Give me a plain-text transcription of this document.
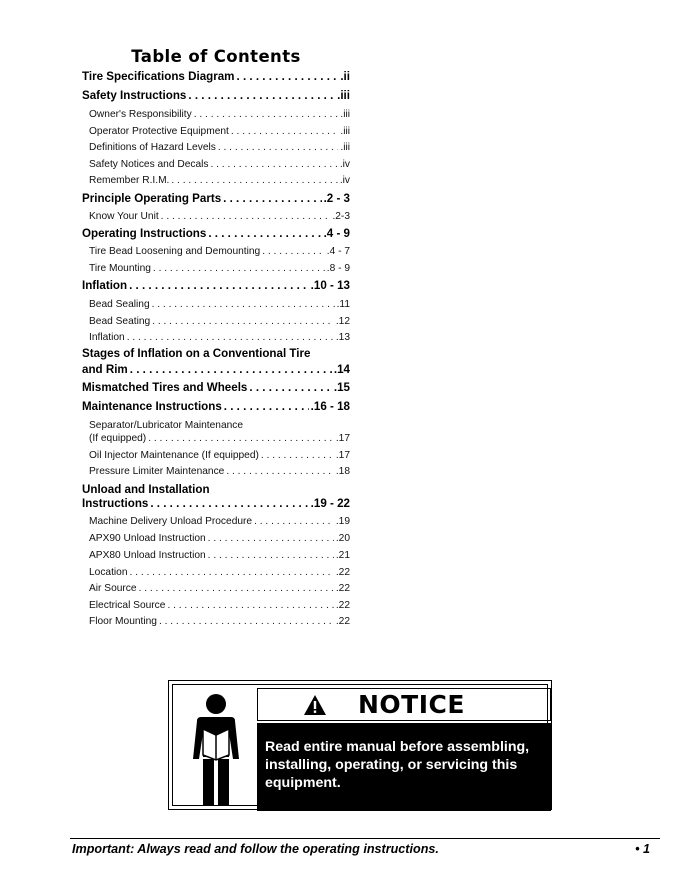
Table of Contents
Tire Specifications Diagram . . .	.ii
Safety Instructions . . .	.iii
Owner's Responsibility . . .	.iii
Operator Protective Equipment . . .	.iii
Definitions of Hazard Levels . . .	.iii
Safety Notices and Decals . . .	.iv
Remember R.I.M. . . .	.iv
Principle Operating Parts . . .	.2 - 3
Know Your Unit . . .	.2-3
Operating Instructions . . .	.4 - 9
Tire Bead Loosening and Demounting . . .	.4 - 7
Tire Mounting . . .	.8 - 9
Inflation . . .	.10 - 13
Bead Sealing . . .	.11
Bead Seating . . .	.12
Inflation . . .	.13
Stages of Inflation on a Conventional Tire
and Rim . . .	.14
Mismatched Tires and Wheels . . .	.15
Maintenance Instructions . . .	.16 - 18
Separator/Lubricator Maintenance
(If equipped) . . .	.17
Oil Injector Maintenance (If equipped) . . .	.17
Pressure Limiter Maintenance . . .	.18
Unload and Installation
Instructions . . .	.19 - 22
Machine Delivery Unload Procedure . . .	.19
APX90 Unload Instruction . . .	.20
APX80 Unload Instruction . . .	.21
Location . . .	.22
Air Source . . .	.22
Electrical Source . . .	.22
Floor Mounting . . .	.22
NOTICE
Read entire manual before assembling, installing, operating, or servicing this equipment.
Important: Always read and follow the operating instructions.	• 1
